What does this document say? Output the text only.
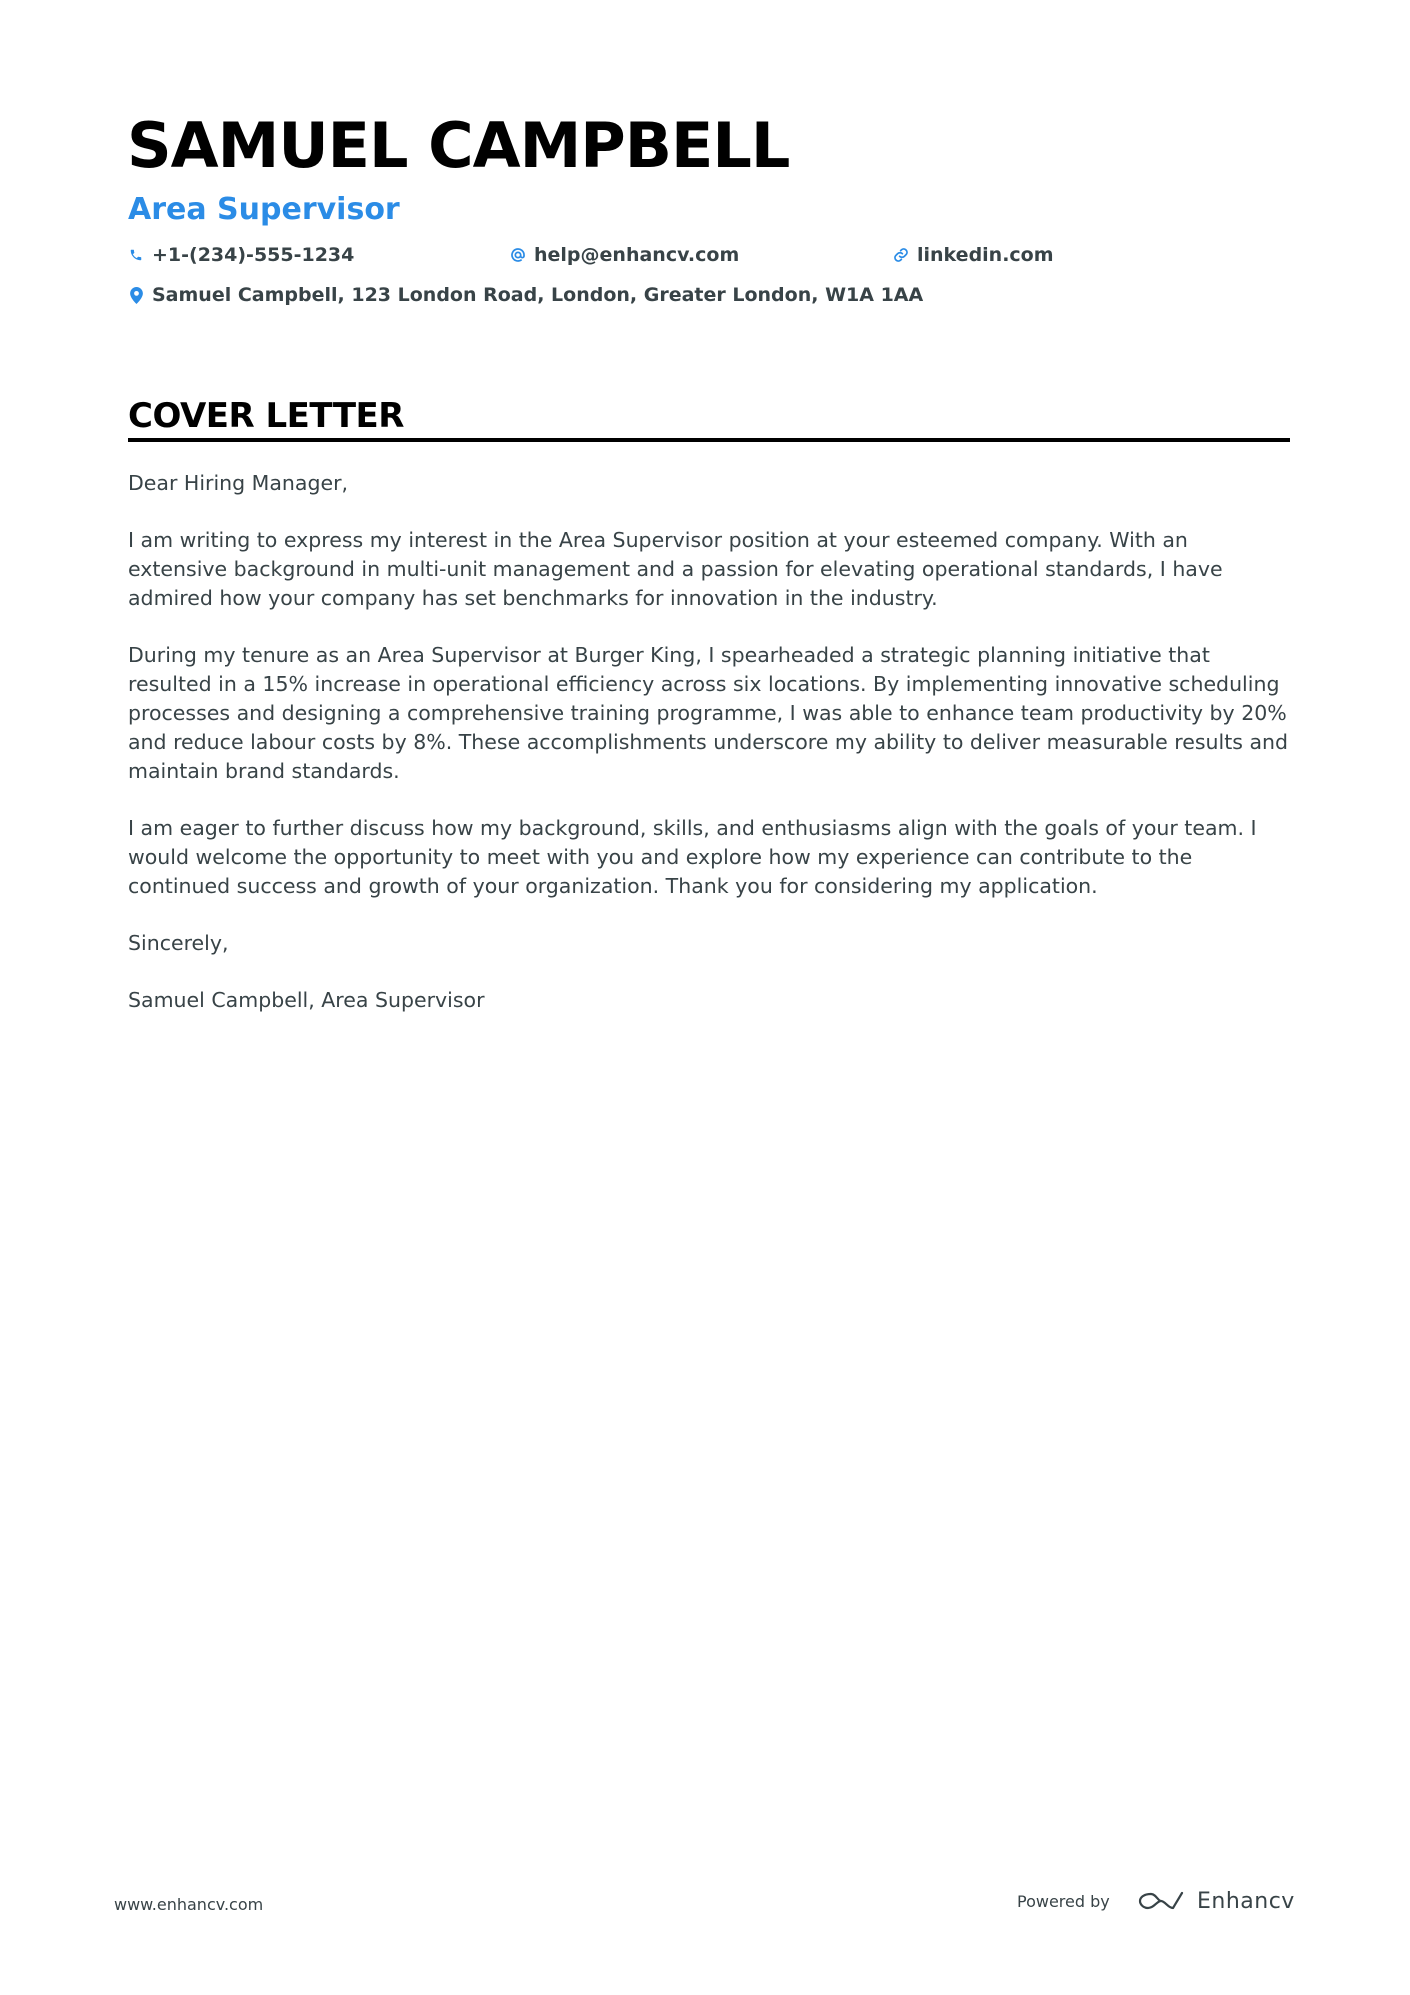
SAMUEL CAMPBELL
Area Supervisor
+1-(234)-555-1234	help@enhancv.com	linkedin.com
Samuel Campbell, 123 London Road, London, Greater London, W1A 1AA
COVER LETTER

Dear Hiring Manager,

I am writing to express my interest in the Area Supervisor position at your esteemed company. With an extensive background in multi-unit management and a passion for elevating operational standards, I have admired how your company has set benchmarks for innovation in the industry.

During my tenure as an Area Supervisor at Burger King, I spearheaded a strategic planning initiative that resulted in a 15% increase in operational efficiency across six locations. By implementing innovative scheduling processes and designing a comprehensive training programme, I was able to enhance team productivity by 20% and reduce labour costs by 8%. These accomplishments underscore my ability to deliver measurable results and maintain brand standards.

I am eager to further discuss how my background, skills, and enthusiasms align with the goals of your team. I would welcome the opportunity to meet with you and explore how my experience can contribute to the continued success and growth of your organization. Thank you for considering my application.

Sincerely,

Samuel Campbell, Area Supervisor

www.enhancv.com	Powered by	Enhancv
